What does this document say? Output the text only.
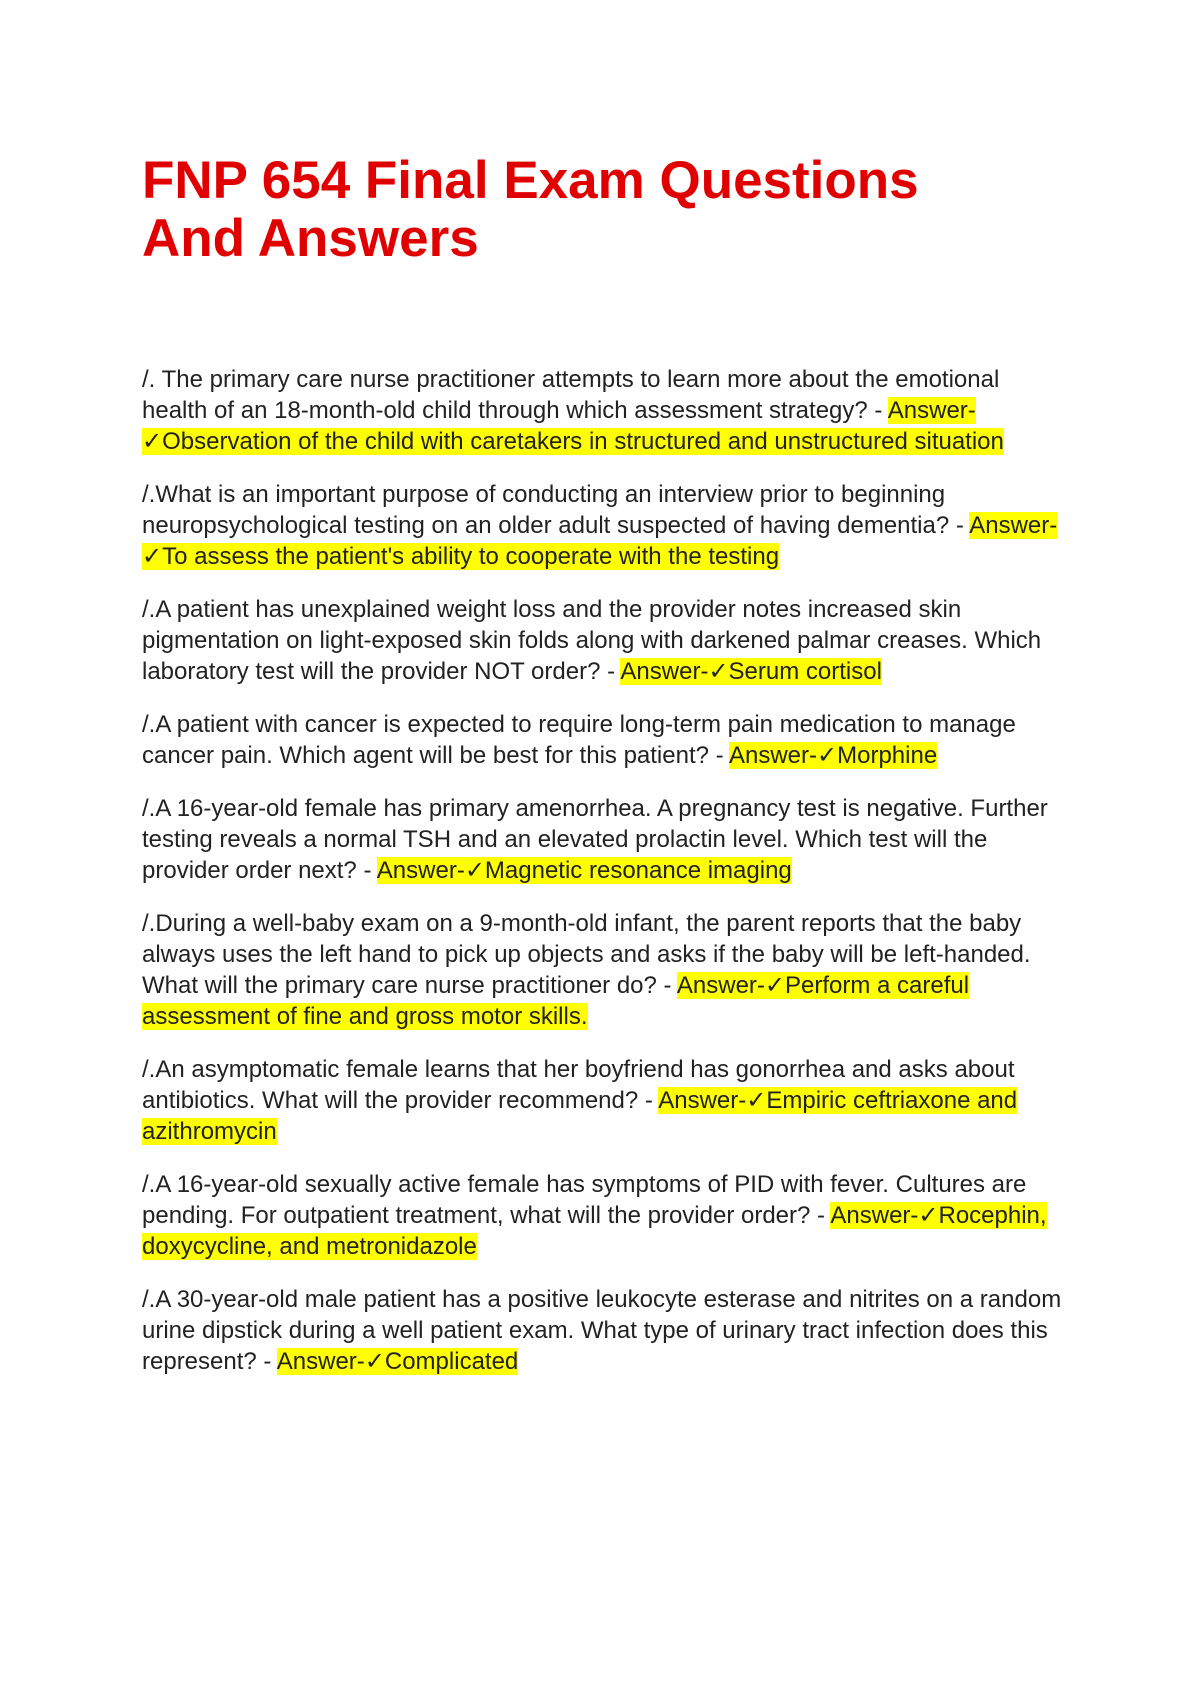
FNP 654 Final Exam Questions And Answers

/. The primary care nurse practitioner attempts to learn more about the emotional health of an 18-month-old child through which assessment strategy? - Answer-✓Observation of the child with caretakers in structured and unstructured situation

/.What is an important purpose of conducting an interview prior to beginning neuropsychological testing on an older adult suspected of having dementia? - Answer-✓To assess the patient's ability to cooperate with the testing

/.A patient has unexplained weight loss and the provider notes increased skin pigmentation on light-exposed skin folds along with darkened palmar creases. Which laboratory test will the provider NOT order? - Answer-✓Serum cortisol

/.A patient with cancer is expected to require long-term pain medication to manage cancer pain. Which agent will be best for this patient? - Answer-✓Morphine

/.A 16-year-old female has primary amenorrhea. A pregnancy test is negative. Further testing reveals a normal TSH and an elevated prolactin level. Which test will the provider order next? - Answer-✓Magnetic resonance imaging

/.During a well-baby exam on a 9-month-old infant, the parent reports that the baby always uses the left hand to pick up objects and asks if the baby will be left-handed. What will the primary care nurse practitioner do? - Answer-✓Perform a careful assessment of fine and gross motor skills.

/.An asymptomatic female learns that her boyfriend has gonorrhea and asks about antibiotics. What will the provider recommend? - Answer-✓Empiric ceftriaxone and azithromycin

/.A 16-year-old sexually active female has symptoms of PID with fever. Cultures are pending. For outpatient treatment, what will the provider order? - Answer-✓Rocephin, doxycycline, and metronidazole

/.A 30-year-old male patient has a positive leukocyte esterase and nitrites on a random urine dipstick during a well patient exam. What type of urinary tract infection does this represent? - Answer-✓Complicated
